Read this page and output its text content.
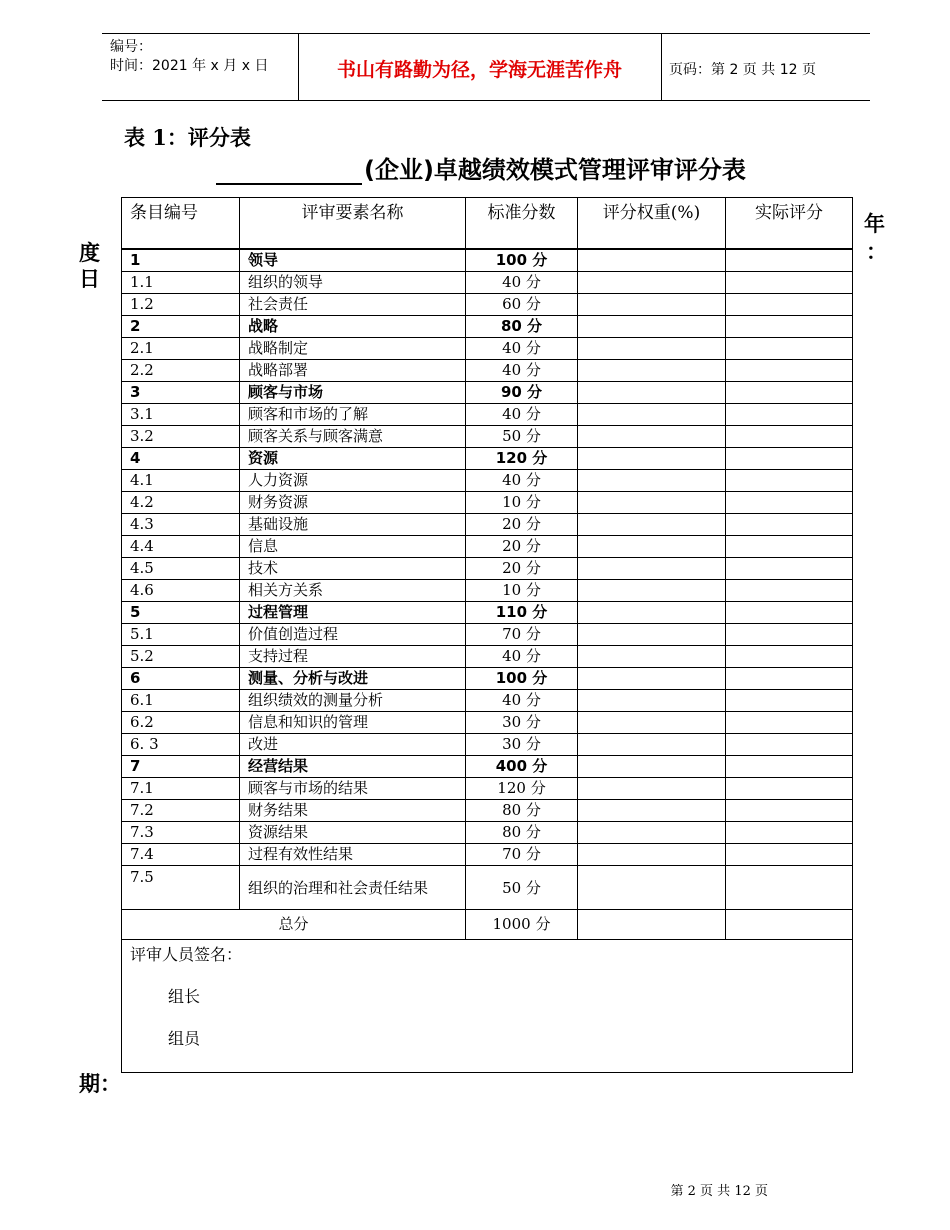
编号：
时间：2021 年 x 月 x 日	书山有路勤为径，学海无涯苦作舟	页码：第 2 页 共 12 页
表 1：评分表
(企业)卓越绩效模式管理评审评分表
度
日
年
：
期：
条目编号	评审要素名称	标准分数	评分权重(%)	实际评分

1	领导	100 分		
1.1	组织的领导	40 分		
1.2	社会责任	60 分		
2	战略	80 分		
2.1	战略制定	40 分		
2.2	战略部署	40 分		
3	顾客与市场	90 分		
3.1	顾客和市场的了解	40 分		
3.2	顾客关系与顾客满意	50 分		
4	资源	120 分		
4.1	人力资源	40 分		
4.2	财务资源	10 分		
4.3	基础设施	20 分		
4.4	信息	20 分		
4.5	技术	20 分		
4.6	相关方关系	10 分		
5	过程管理	110 分		
5.1	价值创造过程	70 分		
5.2	支持过程	40 分		
6	测量、分析与改进	100 分		
6.1	组织绩效的测量分析	40 分		
6.2	信息和知识的管理	30 分		
6. 3	改进	30 分		
7	经营结果	400 分		
7.1	顾客与市场的结果	120 分		
7.2	财务结果	80 分		
7.3	资源结果	80 分		
7.4	过程有效性结果	70 分		
7.5	组织的治理和社会责任结果	50 分		
总分		1000 分		

评审人员签名：
组长
组员				
第 2 页 共 12 页
